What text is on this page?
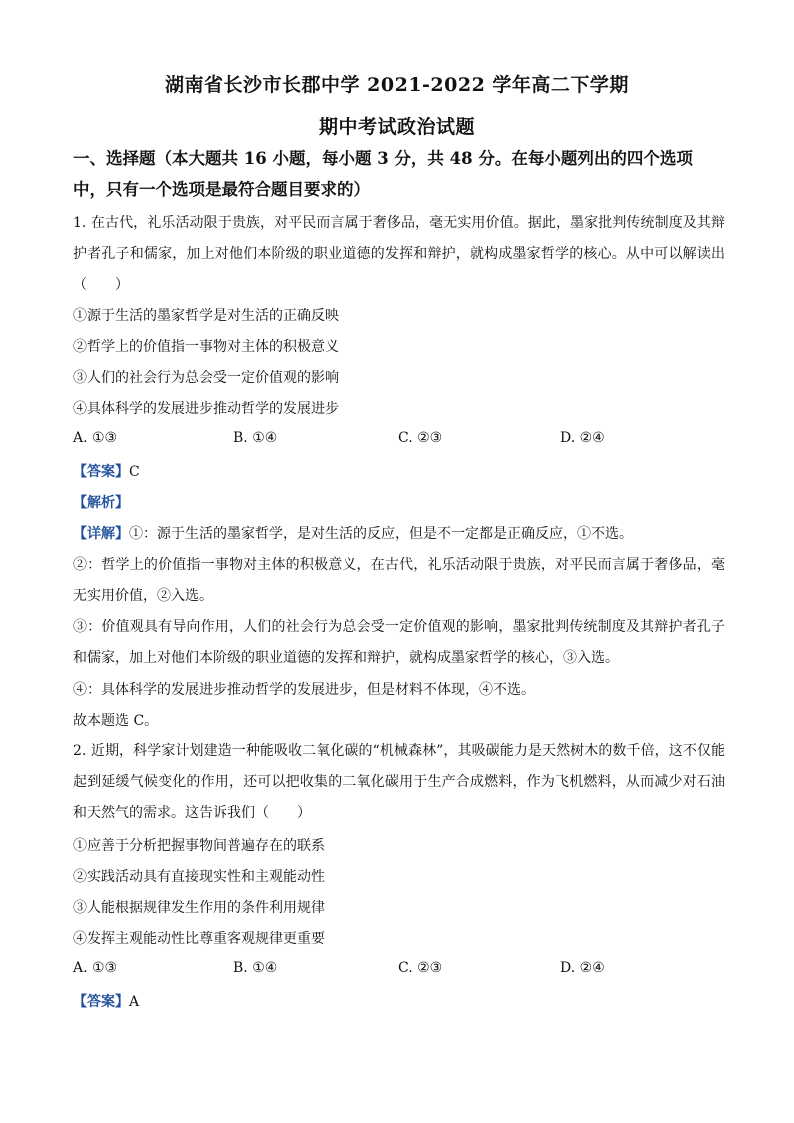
湖南省长沙市长郡中学 2021-2022 学年高二下学期
期中考试政治试题
一、选择题（本大题共 16 小题，每小题 3 分，共 48 分。在每小题列出的四个选项中，只有一个选项是最符合题目要求的）
1. 在古代，礼乐活动限于贵族，对平民而言属于奢侈品，毫无实用价值。据此，墨家批判传统制度及其辩护者孔子和儒家，加上对他们本阶级的职业道德的发挥和辩护，就构成墨家哲学的核心。从中可以解读出（　　）
①源于生活的墨家哲学是对生活的正确反映
②哲学上的价值指一事物对主体的积极意义
③人们的社会行为总会受一定价值观的影响
④具体科学的发展进步推动哲学的发展进步
A. ①③	B. ①④	C. ②③	D. ②④
【答案】C
【解析】
【详解】①：源于生活的墨家哲学，是对生活的反应，但是不一定都是正确反应，①不选。
②：哲学上的价值指一事物对主体的积极意义，在古代，礼乐活动限于贵族，对平民而言属于奢侈品，毫无实用价值，②入选。
③：价值观具有导向作用，人们的社会行为总会受一定价值观的影响，墨家批判传统制度及其辩护者孔子和儒家，加上对他们本阶级的职业道德的发挥和辩护，就构成墨家哲学的核心，③入选。
④：具体科学的发展进步推动哲学的发展进步，但是材料不体现，④不选。
故本题选 C。
2. 近期，科学家计划建造一种能吸收二氧化碳的“机械森林”，其吸碳能力是天然树木的数千倍，这不仅能起到延缓气候变化的作用，还可以把收集的二氧化碳用于生产合成燃料，作为飞机燃料，从而减少对石油和天然气的需求。这告诉我们（　　）
①应善于分析把握事物间普遍存在的联系
②实践活动具有直接现实性和主观能动性
③人能根据规律发生作用的条件利用规律
④发挥主观能动性比尊重客观规律更重要
A. ①③	B. ①④	C. ②③	D. ②④
【答案】A
